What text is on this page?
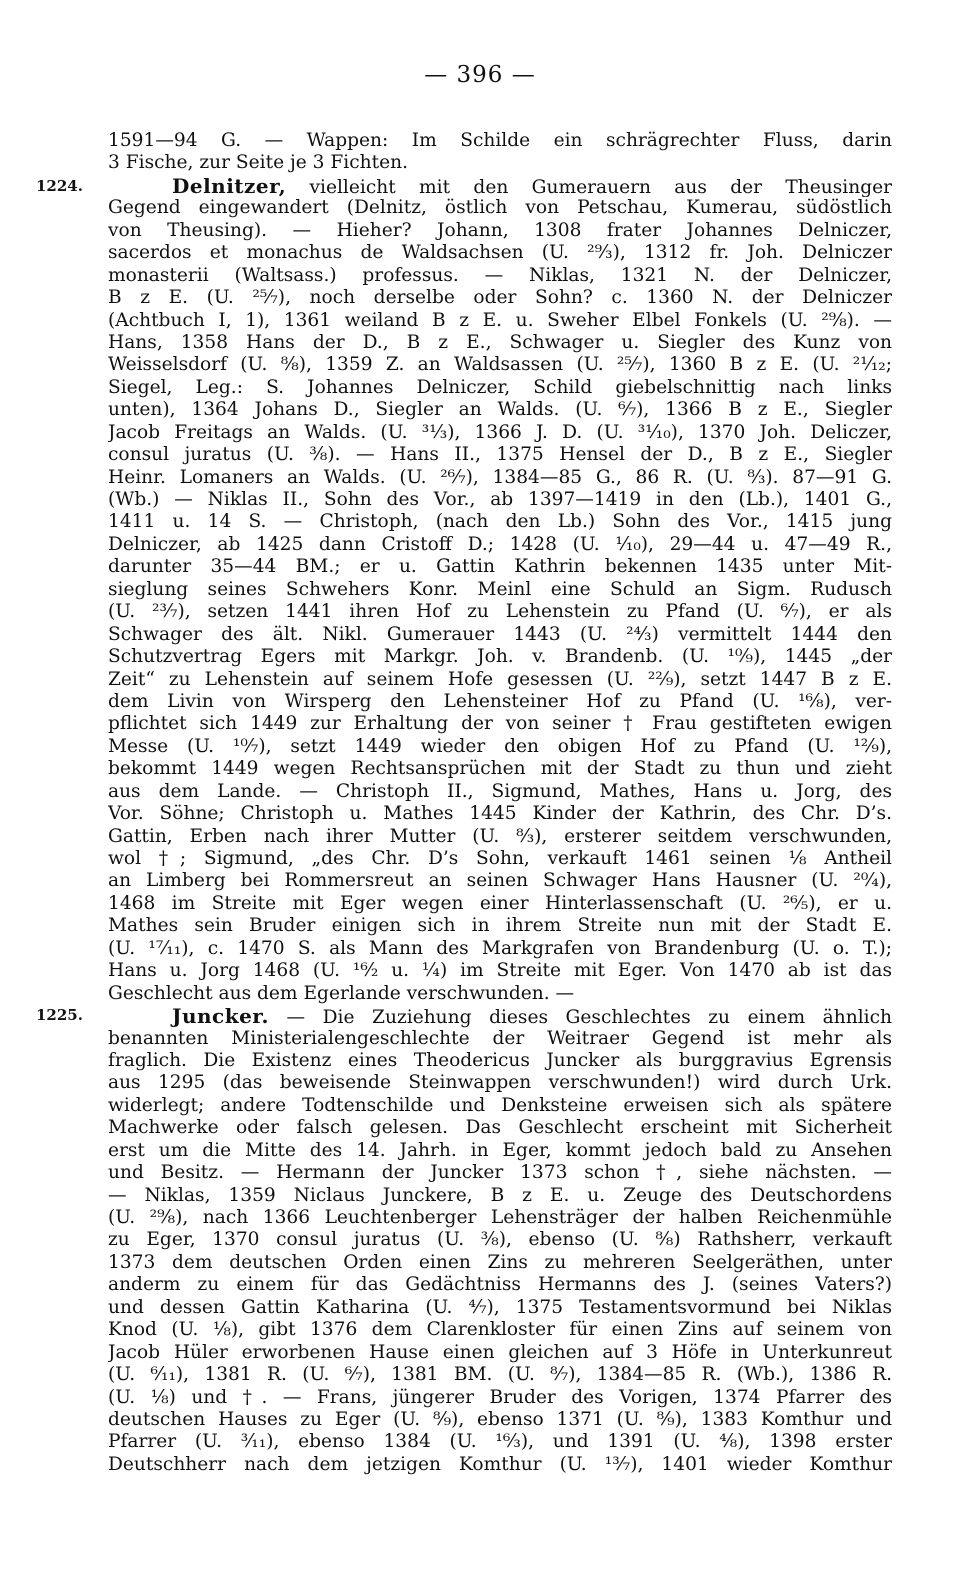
— 396 —
1224.
1225.
1591—94 G. — Wappen: Im Schilde ein schrägrechter Fluss, darin
3 Fische, zur Seite je 3 Fichten.
Delnitzer, vielleicht mit den Gumerauern aus der Theusinger
Gegend eingewandert (Delnitz, östlich von Petschau, Kumerau, südöstlich
von Theusing). — Hieher? Johann, 1308 frater Johannes Delniczer,
sacerdos et monachus de Waldsachsen (U. ²⁹⁄₃), 1312 fr. Joh. Delniczer
monasterii (Waltsass.) professus. — Niklas, 1321 N. der Delniczer,
B z E. (U. ²⁵⁄₇), noch derselbe oder Sohn? c. 1360 N. der Delniczer
(Achtbuch I, 1), 1361 weiland B z E. u. Sweher Elbel Fonkels (U. ²⁹⁄₈). —
Hans, 1358 Hans der D., B z E., Schwager u. Siegler des Kunz von
Weisselsdorf (U. ⁸⁄₈), 1359 Z. an Waldsassen (U. ²⁵⁄₇), 1360 B z E. (U. ²¹⁄₁₂;
Siegel, Leg.: S. Johannes Delniczer, Schild giebelschnittig nach links
unten), 1364 Johans D., Siegler an Walds. (U. ⁶⁄₇), 1366 B z E., Siegler
Jacob Freitags an Walds. (U. ³¹⁄₃), 1366 J. D. (U. ³¹⁄₁₀), 1370 Joh. Deliczer,
consul juratus (U. ³⁄₈). — Hans II., 1375 Hensel der D., B z E., Siegler
Heinr. Lomaners an Walds. (U. ²⁶⁄₇), 1384—85 G., 86 R. (U. ⁸⁄₃). 87—91 G.
(Wb.) — Niklas II., Sohn des Vor., ab 1397—1419 in den (Lb.), 1401 G.,
1411 u. 14 S. — Christoph, (nach den Lb.) Sohn des Vor., 1415 jung
Delniczer, ab 1425 dann Cristoff D.; 1428 (U. ¹⁄₁₀), 29—44 u. 47—49 R.,
darunter 35—44 BM.; er u. Gattin Kathrin bekennen 1435 unter Mit-
sieglung seines Schwehers Konr. Meinl eine Schuld an Sigm. Rudusch
(U. ²³⁄₇), setzen 1441 ihren Hof zu Lehenstein zu Pfand (U. ⁶⁄₇), er als
Schwager des ält. Nikl. Gumerauer 1443 (U. ²⁴⁄₃) vermittelt 1444 den
Schutzvertrag Egers mit Markgr. Joh. v. Brandenb. (U. ¹⁰⁄₉), 1445 „der
Zeit“ zu Lehenstein auf seinem Hofe gesessen (U. ²²⁄₉), setzt 1447 B z E.
dem Livin von Wirsperg den Lehensteiner Hof zu Pfand (U. ¹⁶⁄₈), ver-
pflichtet sich 1449 zur Erhaltung der von seiner † Frau gestifteten ewigen
Messe (U. ¹⁰⁄₇), setzt 1449 wieder den obigen Hof zu Pfand (U. ¹²⁄₉),
bekommt 1449 wegen Rechtsansprüchen mit der Stadt zu thun und zieht
aus dem Lande. — Christoph II., Sigmund, Mathes, Hans u. Jorg, des
Vor. Söhne; Christoph u. Mathes 1445 Kinder der Kathrin, des Chr. D’s.
Gattin, Erben nach ihrer Mutter (U. ⁸⁄₃), ersterer seitdem verschwunden,
wol †; Sigmund, „des Chr. D’s Sohn, verkauft 1461 seinen ⅛ Antheil
an Limberg bei Rommersreut an seinen Schwager Hans Hausner (U. ²⁰⁄₄),
1468 im Streite mit Eger wegen einer Hinterlassenschaft (U. ²⁶⁄₅), er u.
Mathes sein Bruder einigen sich in ihrem Streite nun mit der Stadt E.
(U. ¹⁷⁄₁₁), c. 1470 S. als Mann des Markgrafen von Brandenburg (U. o. T.);
Hans u. Jorg 1468 (U. ¹⁶⁄₂ u. ¼) im Streite mit Eger. Von 1470 ab ist das
Geschlecht aus dem Egerlande verschwunden. —
Juncker. — Die Zuziehung dieses Geschlechtes zu einem ähnlich
benannten Ministerialengeschlechte der Weitraer Gegend ist mehr als
fraglich. Die Existenz eines Theodericus Juncker als burggravius Egrensis
aus 1295 (das beweisende Steinwappen verschwunden!) wird durch Urk.
widerlegt; andere Todtenschilde und Denksteine erweisen sich als spätere
Machwerke oder falsch gelesen. Das Geschlecht erscheint mit Sicherheit
erst um die Mitte des 14. Jahrh. in Eger, kommt jedoch bald zu Ansehen
und Besitz. — Hermann der Juncker 1373 schon †, siehe nächsten. —
— Niklas, 1359 Niclaus Junckere, B z E. u. Zeuge des Deutschordens
(U. ²⁹⁄₈), nach 1366 Leuchtenberger Lehensträger der halben Reichenmühle
zu Eger, 1370 consul juratus (U. ³⁄₈), ebenso (U. ⁸⁄₈) Rathsherr, verkauft
1373 dem deutschen Orden einen Zins zu mehreren Seelgeräthen, unter
anderm zu einem für das Gedächtniss Hermanns des J. (seines Vaters?)
und dessen Gattin Katharina (U. ⁴⁄₇), 1375 Testamentsvormund bei Niklas
Knod (U. ⅛), gibt 1376 dem Clarenkloster für einen Zins auf seinem von
Jacob Hüler erworbenen Hause einen gleichen auf 3 Höfe in Unterkunreut
(U. ⁶⁄₁₁), 1381 R. (U. ⁶⁄₇), 1381 BM. (U. ⁸⁄₇), 1384—85 R. (Wb.), 1386 R.
(U. ⅛) und †. — Frans, jüngerer Bruder des Vorigen, 1374 Pfarrer des
deutschen Hauses zu Eger (U. ⁸⁄₉), ebenso 1371 (U. ⁸⁄₉), 1383 Komthur und
Pfarrer (U. ³⁄₁₁), ebenso 1384 (U. ¹⁶⁄₃), und 1391 (U. ⁴⁄₈), 1398 erster
Deutschherr nach dem jetzigen Komthur (U. ¹³⁄₇), 1401 wieder Komthur
